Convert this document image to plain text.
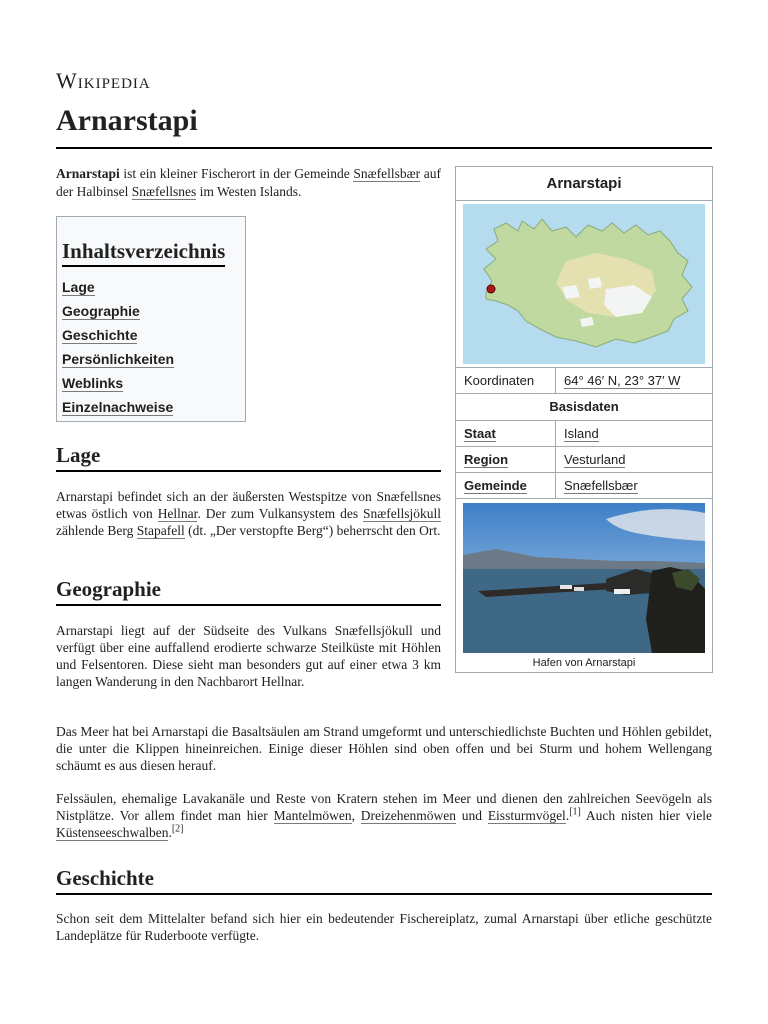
Wikipedia
Arnarstapi

Arnarstapi ist ein kleiner Fischerort in der Gemeinde Snæfellsbær auf der Halbinsel Snæfellsnes im Westen Islands.

Inhaltsverzeichnis
Lage
Geographie
Geschichte
Persönlichkeiten
Weblinks
Einzelnachweise
Arnarstapi
Koordinaten	64° 46′ N, 23° 37′ W
Basisdaten
Staat	Island
Region	Vesturland
Gemeinde	Snæfellsbær
Hafen von Arnarstapi
Lage

Arnarstapi befindet sich an der äußersten Westspitze von Snæfellsnes etwas östlich von Hellnar. Der zum Vulkansystem des Snæfellsjökull zählende Berg Stapafell (dt. „Der verstopfte Berg“) beherrscht den Ort.

Geographie

Arnarstapi liegt auf der Südseite des Vulkans Snæfellsjökull und verfügt über eine auffallend erodierte schwarze Steilküste mit Höhlen und Felsentoren. Diese sieht man besonders gut auf einer etwa 3 km langen Wanderung in den Nachbarort Hellnar.

Das Meer hat bei Arnarstapi die Basaltsäulen am Strand umgeformt und unterschiedlichste Buchten und Höhlen gebildet, die unter die Klippen hineinreichen. Einige dieser Höhlen sind oben offen und bei Sturm und hohem Wellengang schäumt es aus diesen herauf.

Felssäulen, ehemalige Lavakanäle und Reste von Kratern stehen im Meer und dienen den zahlreichen Seevögeln als Nistplätze. Vor allem findet man hier Mantelmöwen, Dreizehenmöwen und Eissturmvögel.[1] Auch nisten hier viele Küstenseeschwalben.[2]

Geschichte

Schon seit dem Mittelalter befand sich hier ein bedeutender Fischereiplatz, zumal Arnarstapi über etliche geschützte Landeplätze für Ruderboote verfügte.
